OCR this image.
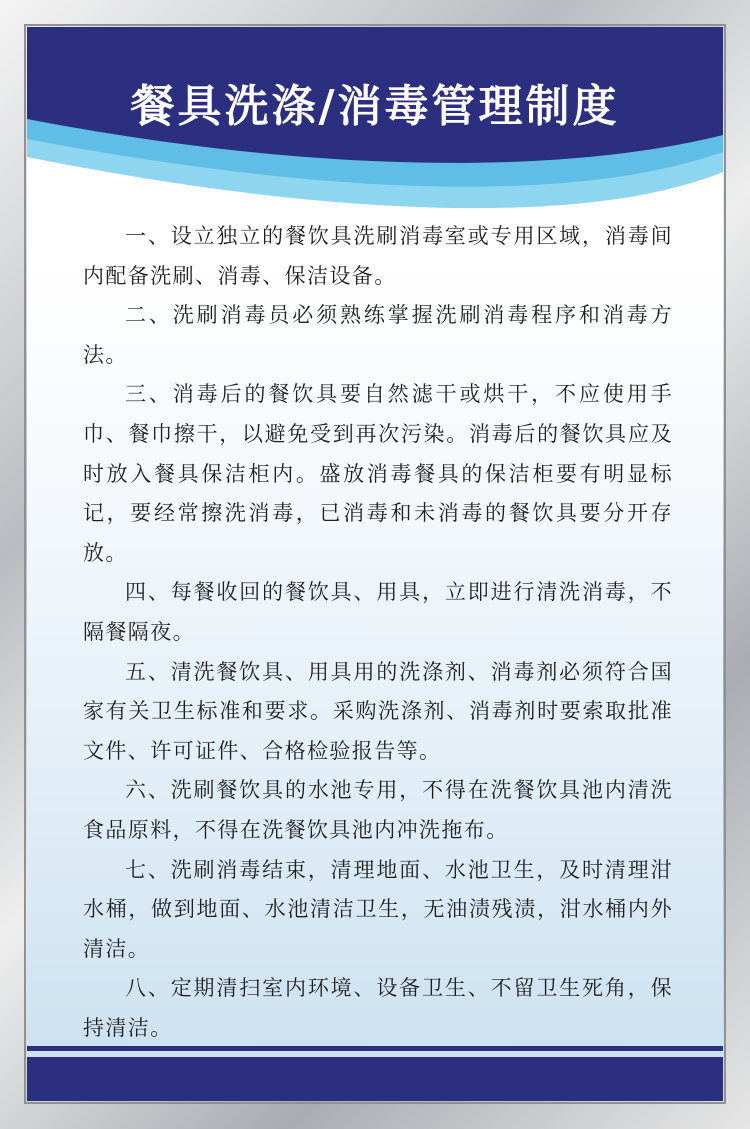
餐具洗涤/消毒管理制度

一、设立独立的餐饮具洗刷消毒室或专用区域，消毒间内配备洗刷、消毒、保洁设备。

二、洗刷消毒员必须熟练掌握洗刷消毒程序和消毒方法。

三、消毒后的餐饮具要自然滤干或烘干，不应使用手巾、餐巾擦干，以避免受到再次污染。消毒后的餐饮具应及时放入餐具保洁柜内。盛放消毒餐具的保洁柜要有明显标记，要经常擦洗消毒，已消毒和未消毒的餐饮具要分开存放。

四、每餐收回的餐饮具、用具，立即进行清洗消毒，不隔餐隔夜。

五、清洗餐饮具、用具用的洗涤剂、消毒剂必须符合国家有关卫生标准和要求。采购洗涤剂、消毒剂时要索取批准文件、许可证件、合格检验报告等。

六、洗刷餐饮具的水池专用，不得在洗餐饮具池内清洗食品原料，不得在洗餐饮具池内冲洗拖布。

七、洗刷消毒结束，清理地面、水池卫生，及时清理泔水桶，做到地面、水池清洁卫生，无油渍残渍，泔水桶内外清洁。

八、定期清扫室内环境、设备卫生、不留卫生死角，保持清洁。
